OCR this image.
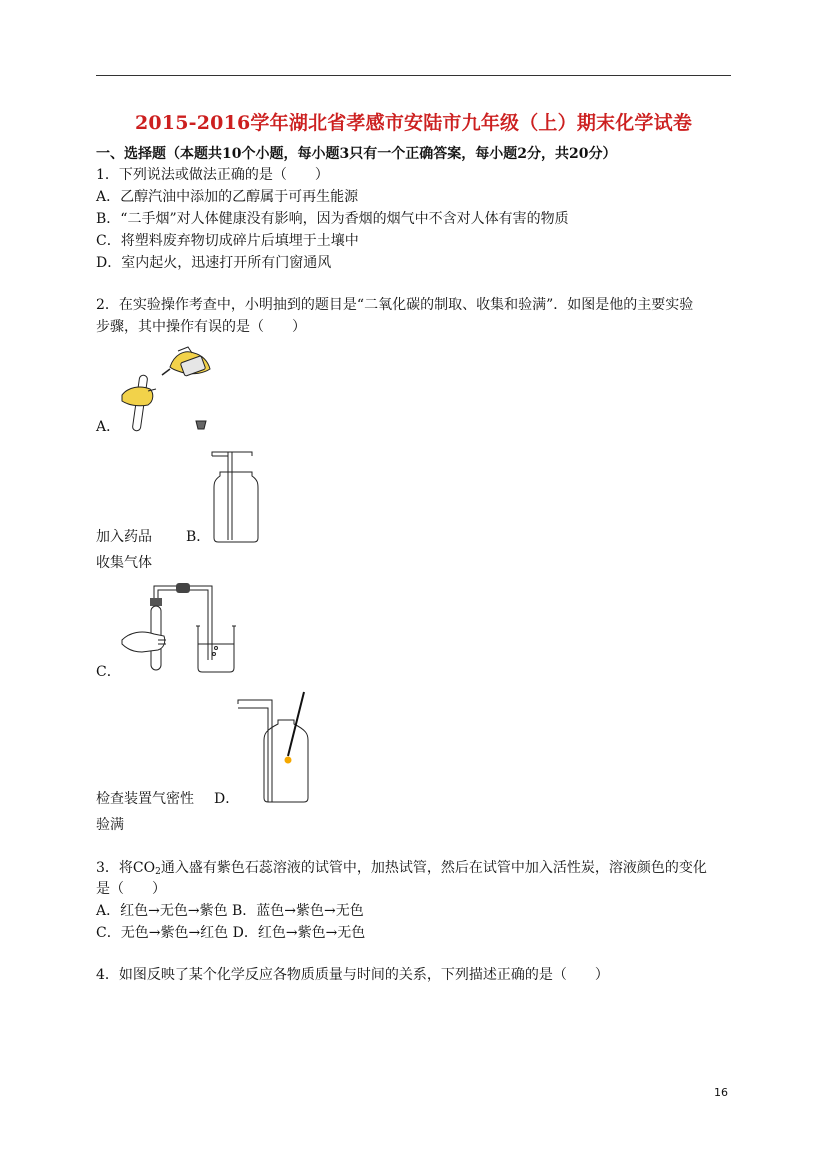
2015-2016学年湖北省孝感市安陆市九年级（上）期末化学试卷
一、选择题（本题共10个小题，每小题3只有一个正确答案，每小题2分，共20分）
1．下列说法或做法正确的是（　　）
A．乙醇汽油中添加的乙醇属于可再生能源
B．“二手烟”对人体健康没有影响，因为香烟的烟气中不含对人体有害的物质
C．将塑料废弃物切成碎片后填埋于土壤中
D．室内起火，迅速打开所有门窗通风
2．在实验操作考查中，小明抽到的题目是“二氧化碳的制取、收集和验满”．如图是他的主要实验
步骤，其中操作有误的是（　　）
A．
加入药品 B．
收集气体
C．
检查装置气密性 D．
验满
3．将$CO_2$通入盛有紫色石蕊溶液的试管中，加热试管，然后在试管中加入活性炭，溶液颜色的变化
是（　　）
A．红色→无色→紫色 B．蓝色→紫色→无色
C．无色→紫色→红色 D．红色→紫色→无色
4．如图反映了某个化学反应各物质质量与时间的关系，下列描述正确的是（　　）
16
